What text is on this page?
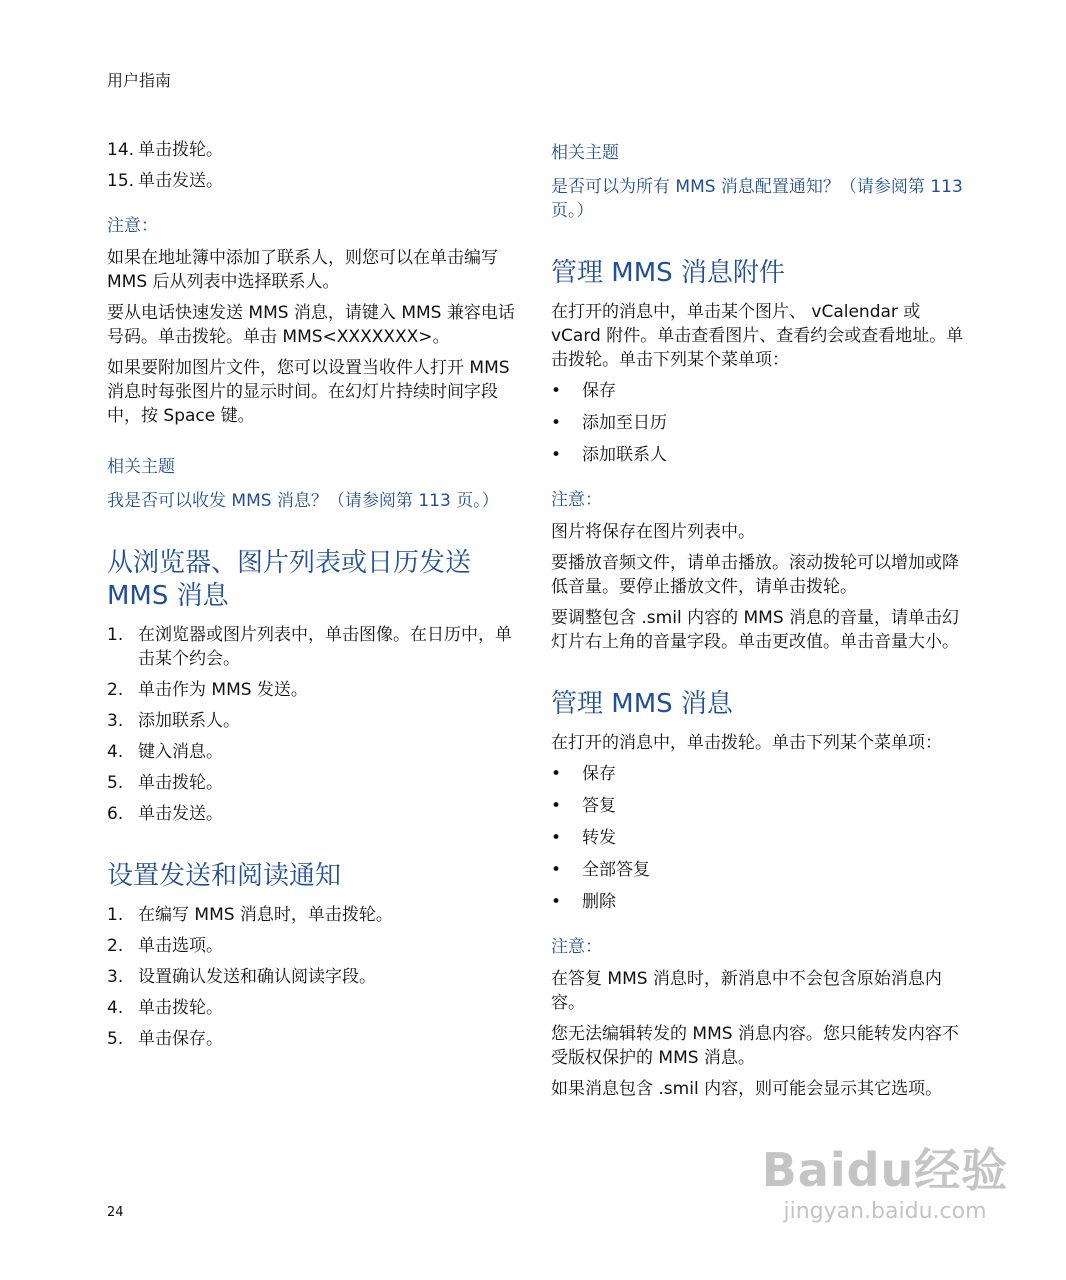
用户指南
14. 单击拨轮。
15. 单击发送。
注意：

如果在地址簿中添加了联系人，则您可以在单击编写 MMS 后从列表中选择联系人。

要从电话快速发送 MMS 消息，请键入 MMS 兼容电话号码。单击拨轮。单击 MMS<XXXXXXX>。

如果要附加图片文件，您可以设置当收件人打开 MMS 消息时每张图片的显示时间。在幻灯片持续时间字段中，按 Space 键。

相关主题

我是否可以收发 MMS 消息？（请参阅第 113 页。）

从浏览器、图片列表或日历发送 MMS 消息
1. 在浏览器或图片列表中，单击图像。在日历中，单击某个约会。
2. 单击作为 MMS 发送。
3. 添加联系人。
4. 键入消息。
5. 单击拨轮。
6. 单击发送。
设置发送和阅读通知
1. 在编写 MMS 消息时，单击拨轮。
2. 单击选项。
3. 设置确认发送和确认阅读字段。
4. 单击拨轮。
5. 单击保存。
相关主题

是否可以为所有 MMS 消息配置通知？（请参阅第 113 页。）

管理 MMS 消息附件

在打开的消息中，单击某个图片、 vCalendar 或 vCard 附件。单击查看图片、查看约会或查看地址。单击拨轮。单击下列某个菜单项：

• 保存
• 添加至日历
• 添加联系人
注意：

图片将保存在图片列表中。

要播放音频文件，请单击播放。滚动拨轮可以增加或降低音量。要停止播放文件，请单击拨轮。

要调整包含 .smil 内容的 MMS 消息的音量，请单击幻灯片右上角的音量字段。单击更改值。单击音量大小。

管理 MMS 消息

在打开的消息中，单击拨轮。单击下列某个菜单项：

• 保存
• 答复
• 转发
• 全部答复
• 删除
注意：

在答复 MMS 消息时，新消息中不会包含原始消息内容。

您无法编辑转发的 MMS 消息内容。您只能转发内容不受版权保护的 MMS 消息。

如果消息包含 .smil 内容，则可能会显示其它选项。

24
Baidu经验
jingyan.baidu.com
